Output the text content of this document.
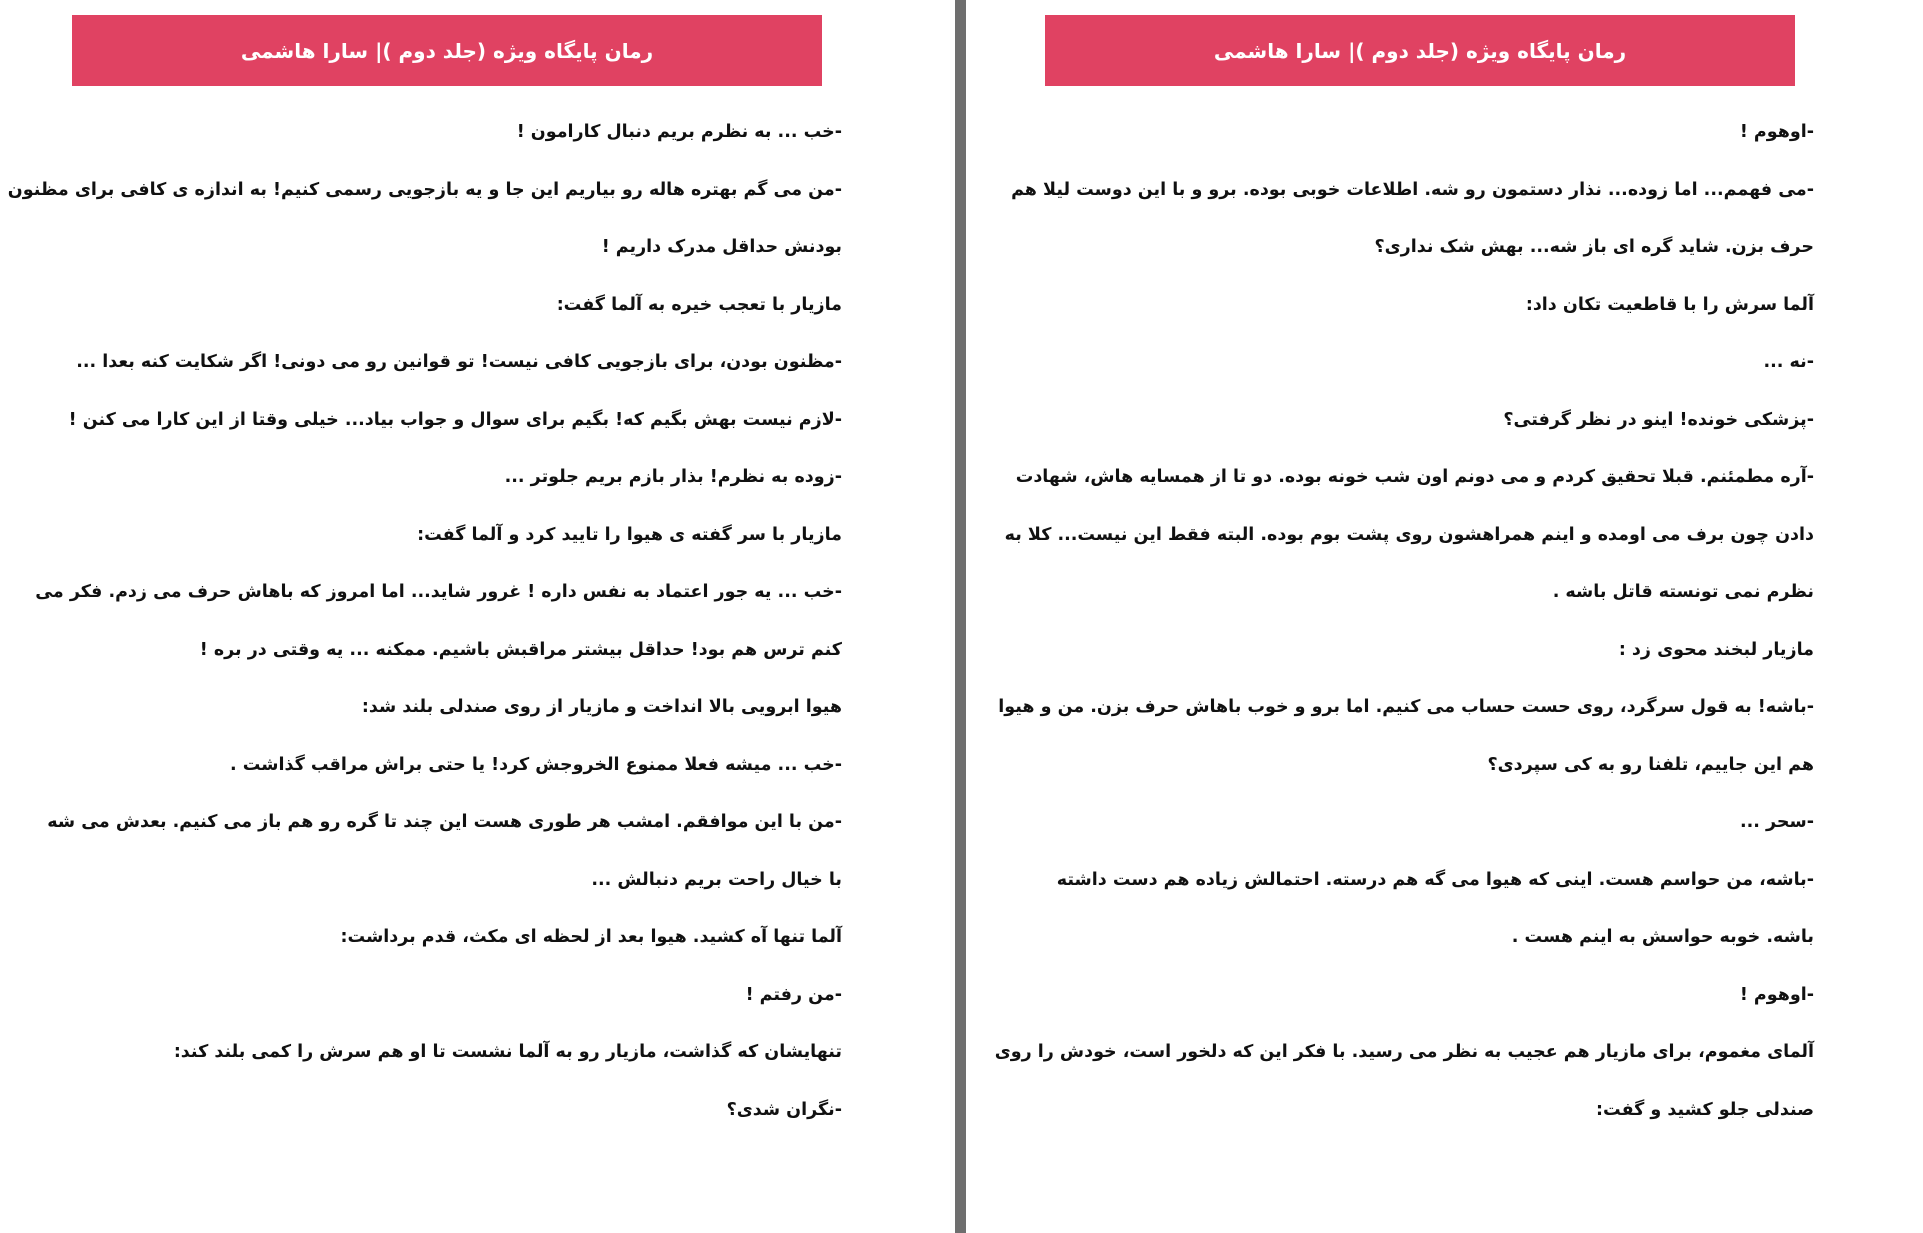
رمان پایگاه ویژه (جلد دوم )| سارا هاشمی
-خب ... به نظرم بریم دنبال کارامون !
-من می گم بهتره هاله رو بیاریم این جا و یه بازجویی رسمی کنیم! به اندازه ی کافی برای مظنون
بودنش حداقل مدرک داریم !
مازیار با تعجب خیره به آلما گفت:
-مظنون بودن، برای بازجویی کافی نیست! تو قوانین رو می دونی! اگر شکایت کنه بعدا ...
-لازم نیست بهش بگیم که! بگیم برای سوال و جواب بیاد... خیلی وقتا از این کارا می کنن !
-زوده به نظرم! بذار بازم بریم جلوتر ...
مازیار با سر گفته ی هیوا را تایید کرد و آلما گفت:
-خب ... یه جور اعتماد به نفس داره ! غرور شاید... اما امروز که باهاش حرف می زدم. فکر می
کنم ترس هم بود! حداقل بیشتر مراقبش باشیم. ممکنه ... یه وقتی در بره !
هیوا ابرویی بالا انداخت و مازیار از روی صندلی بلند شد:
-خب ... میشه فعلا ممنوع الخروجش کرد! یا حتی براش مراقب گذاشت .
-من با این موافقم. امشب هر طوری هست این چند تا گره رو هم باز می کنیم. بعدش می شه
با خیال راحت بریم دنبالش ...
آلما تنها آه کشید. هیوا بعد از لحظه ای مکث، قدم برداشت:
-من رفتم !
تنهایشان که گذاشت، مازیار رو به آلما نشست تا او هم سرش را کمی بلند کند:
-نگران شدی؟
رمان پایگاه ویژه (جلد دوم )| سارا هاشمی
-اوهوم !
-می فهمم... اما زوده... نذار دستمون رو شه. اطلاعات خوبی بوده. برو و با این دوست لیلا هم
حرف بزن. شاید گره ای باز شه... بهش شک نداری؟
آلما سرش را با قاطعیت تکان داد:
-نه ...
-پزشکی خونده! اینو در نظر گرفتی؟
-آره مطمئنم. قبلا تحقیق کردم و می دونم اون شب خونه بوده. دو تا از همسایه هاش، شهادت
دادن چون برف می اومده و اینم همراهشون روی پشت بوم بوده. البته فقط این نیست... کلا به
نظرم نمی تونسته قاتل باشه .
مازیار لبخند محوی زد :
-باشه! به قول سرگرد، روی حست حساب می کنیم. اما برو و خوب باهاش حرف بزن. من و هیوا
هم این جاییم، تلفنا رو به کی سپردی؟
-سحر ...
-باشه، من حواسم هست. اینی که هیوا می گه هم درسته. احتمالش زیاده هم دست داشته
باشه. خوبه حواسش به اینم هست .
-اوهوم !
آلمای مغموم، برای مازیار هم عجیب به نظر می رسید. با فکر این که دلخور است، خودش را روی
صندلی جلو کشید و گفت:
